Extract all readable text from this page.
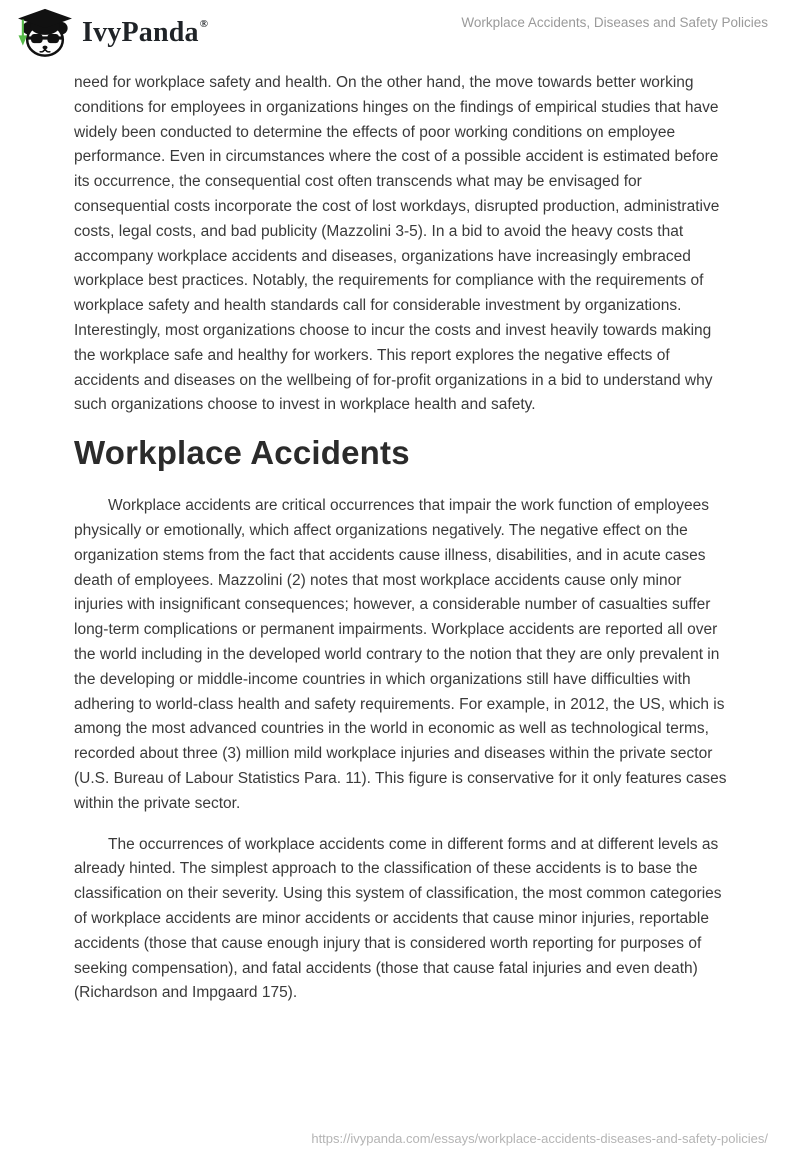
IvyPanda ®	Workplace Accidents, Diseases and Safety Policies

need for workplace safety and health. On the other hand, the move towards better working conditions for employees in organizations hinges on the findings of empirical studies that have widely been conducted to determine the effects of poor working conditions on employee performance. Even in circumstances where the cost of a possible accident is estimated before its occurrence, the consequential cost often transcends what may be envisaged for consequential costs incorporate the cost of lost workdays, disrupted production, administrative costs, legal costs, and bad publicity (Mazzolini 3-5). In a bid to avoid the heavy costs that accompany workplace accidents and diseases, organizations have increasingly embraced workplace best practices. Notably, the requirements for compliance with the requirements of workplace safety and health standards call for considerable investment by organizations. Interestingly, most organizations choose to incur the costs and invest heavily towards making the workplace safe and healthy for workers. This report explores the negative effects of accidents and diseases on the wellbeing of for-profit organizations in a bid to understand why such organizations choose to invest in workplace health and safety.

Workplace Accidents

Workplace accidents are critical occurrences that impair the work function of employees physically or emotionally, which affect organizations negatively. The negative effect on the organization stems from the fact that accidents cause illness, disabilities, and in acute cases death of employees. Mazzolini (2) notes that most workplace accidents cause only minor injuries with insignificant consequences; however, a considerable number of casualties suffer long-term complications or permanent impairments. Workplace accidents are reported all over the world including in the developed world contrary to the notion that they are only prevalent in the developing or middle-income countries in which organizations still have difficulties with adhering to world-class health and safety requirements. For example, in 2012, the US, which is among the most advanced countries in the world in economic as well as technological terms, recorded about three (3) million mild workplace injuries and diseases within the private sector (U.S. Bureau of Labour Statistics Para. 11). This figure is conservative for it only features cases within the private sector.

The occurrences of workplace accidents come in different forms and at different levels as already hinted. The simplest approach to the classification of these accidents is to base the classification on their severity. Using this system of classification, the most common categories of workplace accidents are minor accidents or accidents that cause minor injuries, reportable accidents (those that cause enough injury that is considered worth reporting for purposes of seeking compensation), and fatal accidents (those that cause fatal injuries and even death) (Richardson and Impgaard 175).

https://ivypanda.com/essays/workplace-accidents-diseases-and-safety-policies/
